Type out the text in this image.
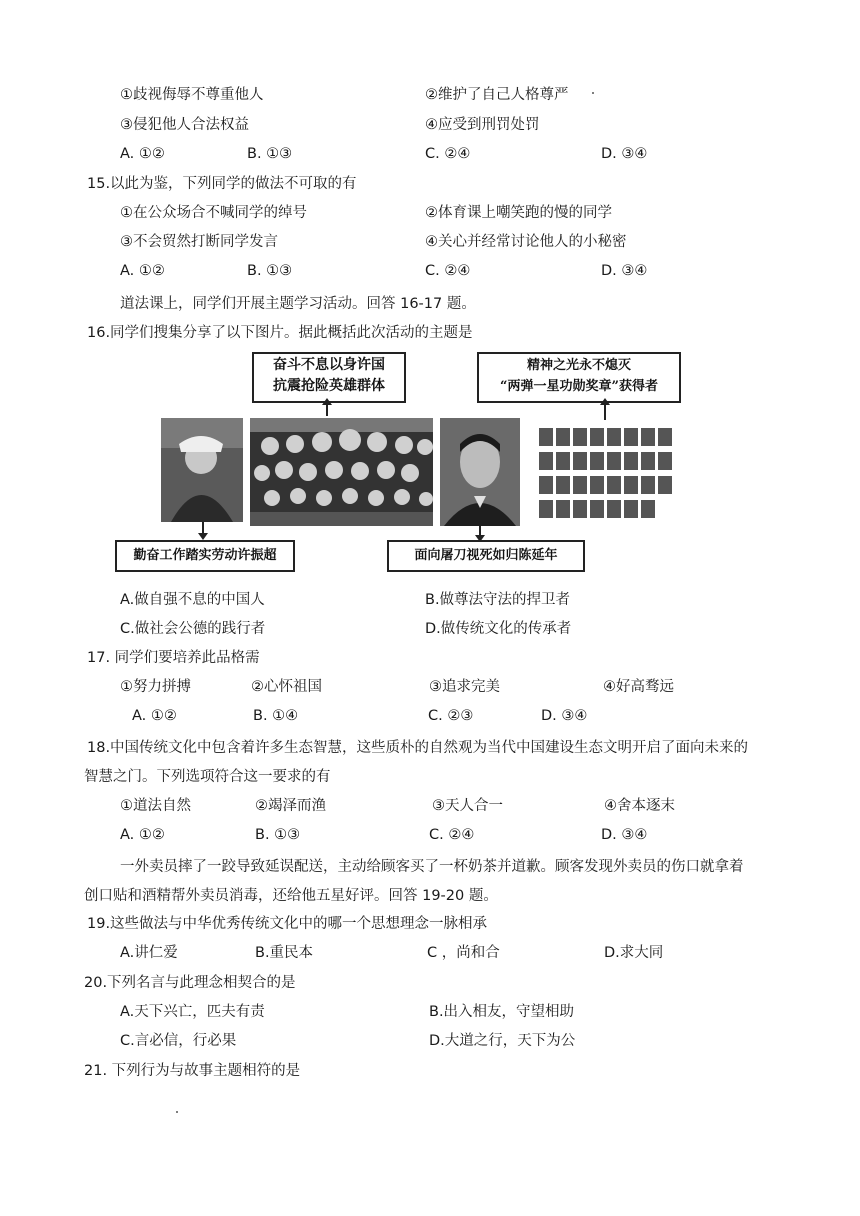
①歧视侮辱不尊重他人	②维护了自己人格尊严
③侵犯他人合法权益	④应受到刑罚处罚
A. ①②	B. ①③	C. ②④	D. ③④
15.以此为鉴，下列同学的做法不可取的有
①在公众场合不喊同学的绰号	②体育课上嘲笑跑的慢的同学
③不会贸然打断同学发言	④关心并经常讨论他人的小秘密
A. ①②	B. ①③	C. ②④	D. ③④
道法课上，同学们开展主题学习活动。回答 16-17 题。
16.同学们搜集分享了以下图片。据此概括此次活动的主题是
奋斗不息以身许国
抗震抢险英雄群体
精神之光永不熄灭
“两弹一星功勋奖章”获得者
勤奋工作踏实劳动许振超	面向屠刀视死如归陈延年
A.做自强不息的中国人	B.做尊法守法的捍卫者
C.做社会公德的践行者	D.做传统文化的传承者
17. 同学们要培养此品格需
①努力拼搏	②心怀祖国	③追求完美	④好高骛远
A. ①②	B. ①④	C. ②③	D. ③④
18.中国传统文化中包含着许多生态智慧，这些质朴的自然观为当代中国建设生态文明开启了面向未来的
智慧之门。下列选项符合这一要求的有
①道法自然	②竭泽而渔	③天人合一	④舍本逐末
A. ①②	B. ①③	C. ②④	D. ③④
一外卖员摔了一跤导致延误配送，主动给顾客买了一杯奶茶并道歉。顾客发现外卖员的伤口就拿着
创口贴和酒精帮外卖员消毒，还给他五星好评。回答 19-20 题。
19.这些做法与中华优秀传统文化中的哪一个思想理念一脉相承
A.讲仁爱	B.重民本	C ，尚和合	D.求大同
20.下列名言与此理念相契合的是
A.天下兴亡，匹夫有责	B.出入相友，守望相助
C.言必信，行必果	D.大道之行，天下为公
21. 下列行为与故事主题相符的是
